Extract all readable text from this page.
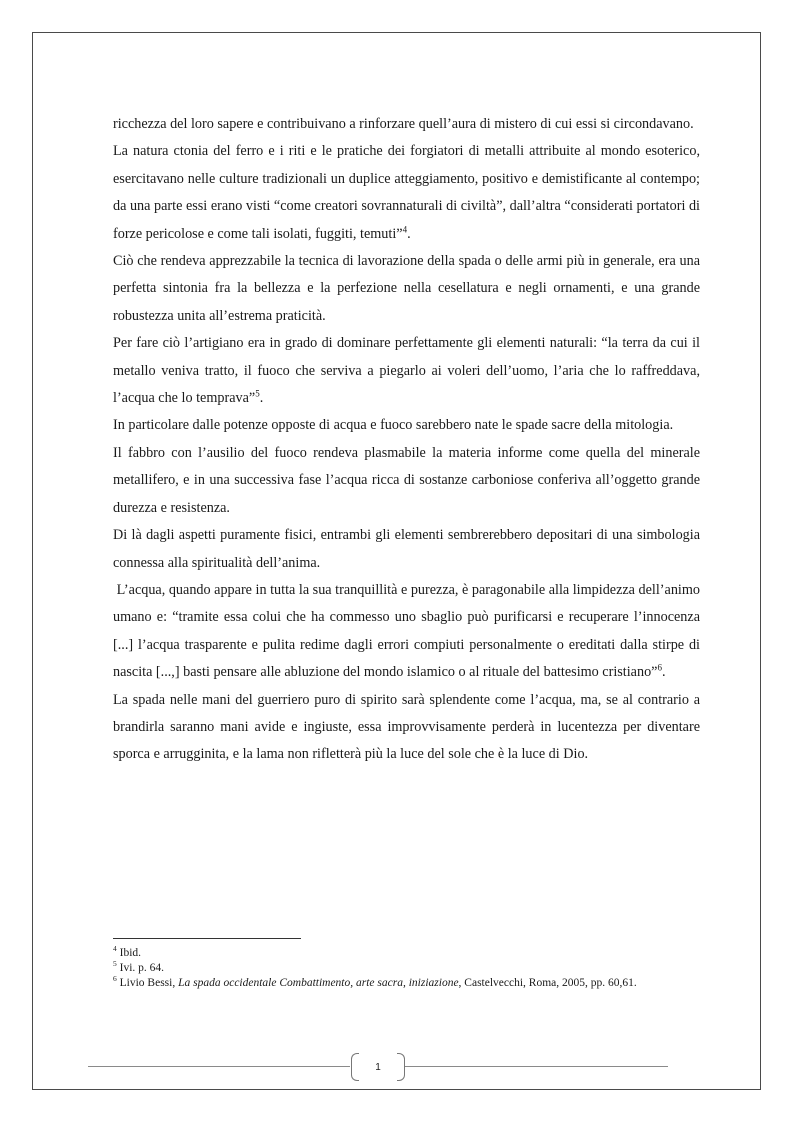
ricchezza del loro sapere e contribuivano a rinforzare quell’aura di mistero di cui essi si circondavano.

La natura ctonia del ferro e i riti e le pratiche dei forgiatori di metalli attribuite al mondo esoterico, esercitavano nelle culture tradizionali un duplice atteggiamento, positivo e demistificante al contempo; da una parte essi erano visti “come creatori sovrannaturali di civiltà”, dall’altra “considerati portatori di forze pericolose e come tali isolati, fuggiti, temuti”$^4$.

Ciò che rendeva apprezzabile la tecnica di lavorazione della spada o delle armi più in generale, era una perfetta sintonia fra la bellezza e la perfezione nella cesellatura e negli ornamenti, e una grande robustezza unita all’estrema praticità.

Per fare ciò l’artigiano era in grado di dominare perfettamente gli elementi naturali: “la terra da cui il metallo veniva tratto, il fuoco che serviva a piegarlo ai voleri dell’uomo, l’aria che lo raffreddava, l’acqua che lo temprava”$^5$.

In particolare dalle potenze opposte di acqua e fuoco sarebbero nate le spade sacre della mitologia.

Il fabbro con l’ausilio del fuoco rendeva plasmabile la materia informe come quella del minerale metallifero, e in una successiva fase l’acqua ricca di sostanze carboniose conferiva all’oggetto grande durezza e resistenza.

Di là dagli aspetti puramente fisici, entrambi gli elementi sembrerebbero depositari di una simbologia connessa alla spiritualità dell’anima.

L’acqua, quando appare in tutta la sua tranquillità e purezza, è paragonabile alla limpidezza dell’animo umano e: “tramite essa colui che ha commesso uno sbaglio può purificarsi e recuperare l’innocenza [...] l’acqua trasparente e pulita redime dagli errori compiuti personalmente o ereditati dalla stirpe di nascita [...,] basti pensare alle abluzione del mondo islamico o al rituale del battesimo cristiano”$^6$.

La spada nelle mani del guerriero puro di spirito sarà splendente come l’acqua, ma, se al contrario a brandirla saranno mani avide e ingiuste, essa improvvisamente perderà in lucentezza per diventare sporca e arrugginita, e la lama non rifletterà più la luce del sole che è la luce di Dio.

$^4$ Ibid.

$^5$ Ivi. p. 64.

$^6$ Livio Bessi, La spada occidentale Combattimento, arte sacra, iniziazione, Castelvecchi, Roma, 2005, pp. 60,61.

1
